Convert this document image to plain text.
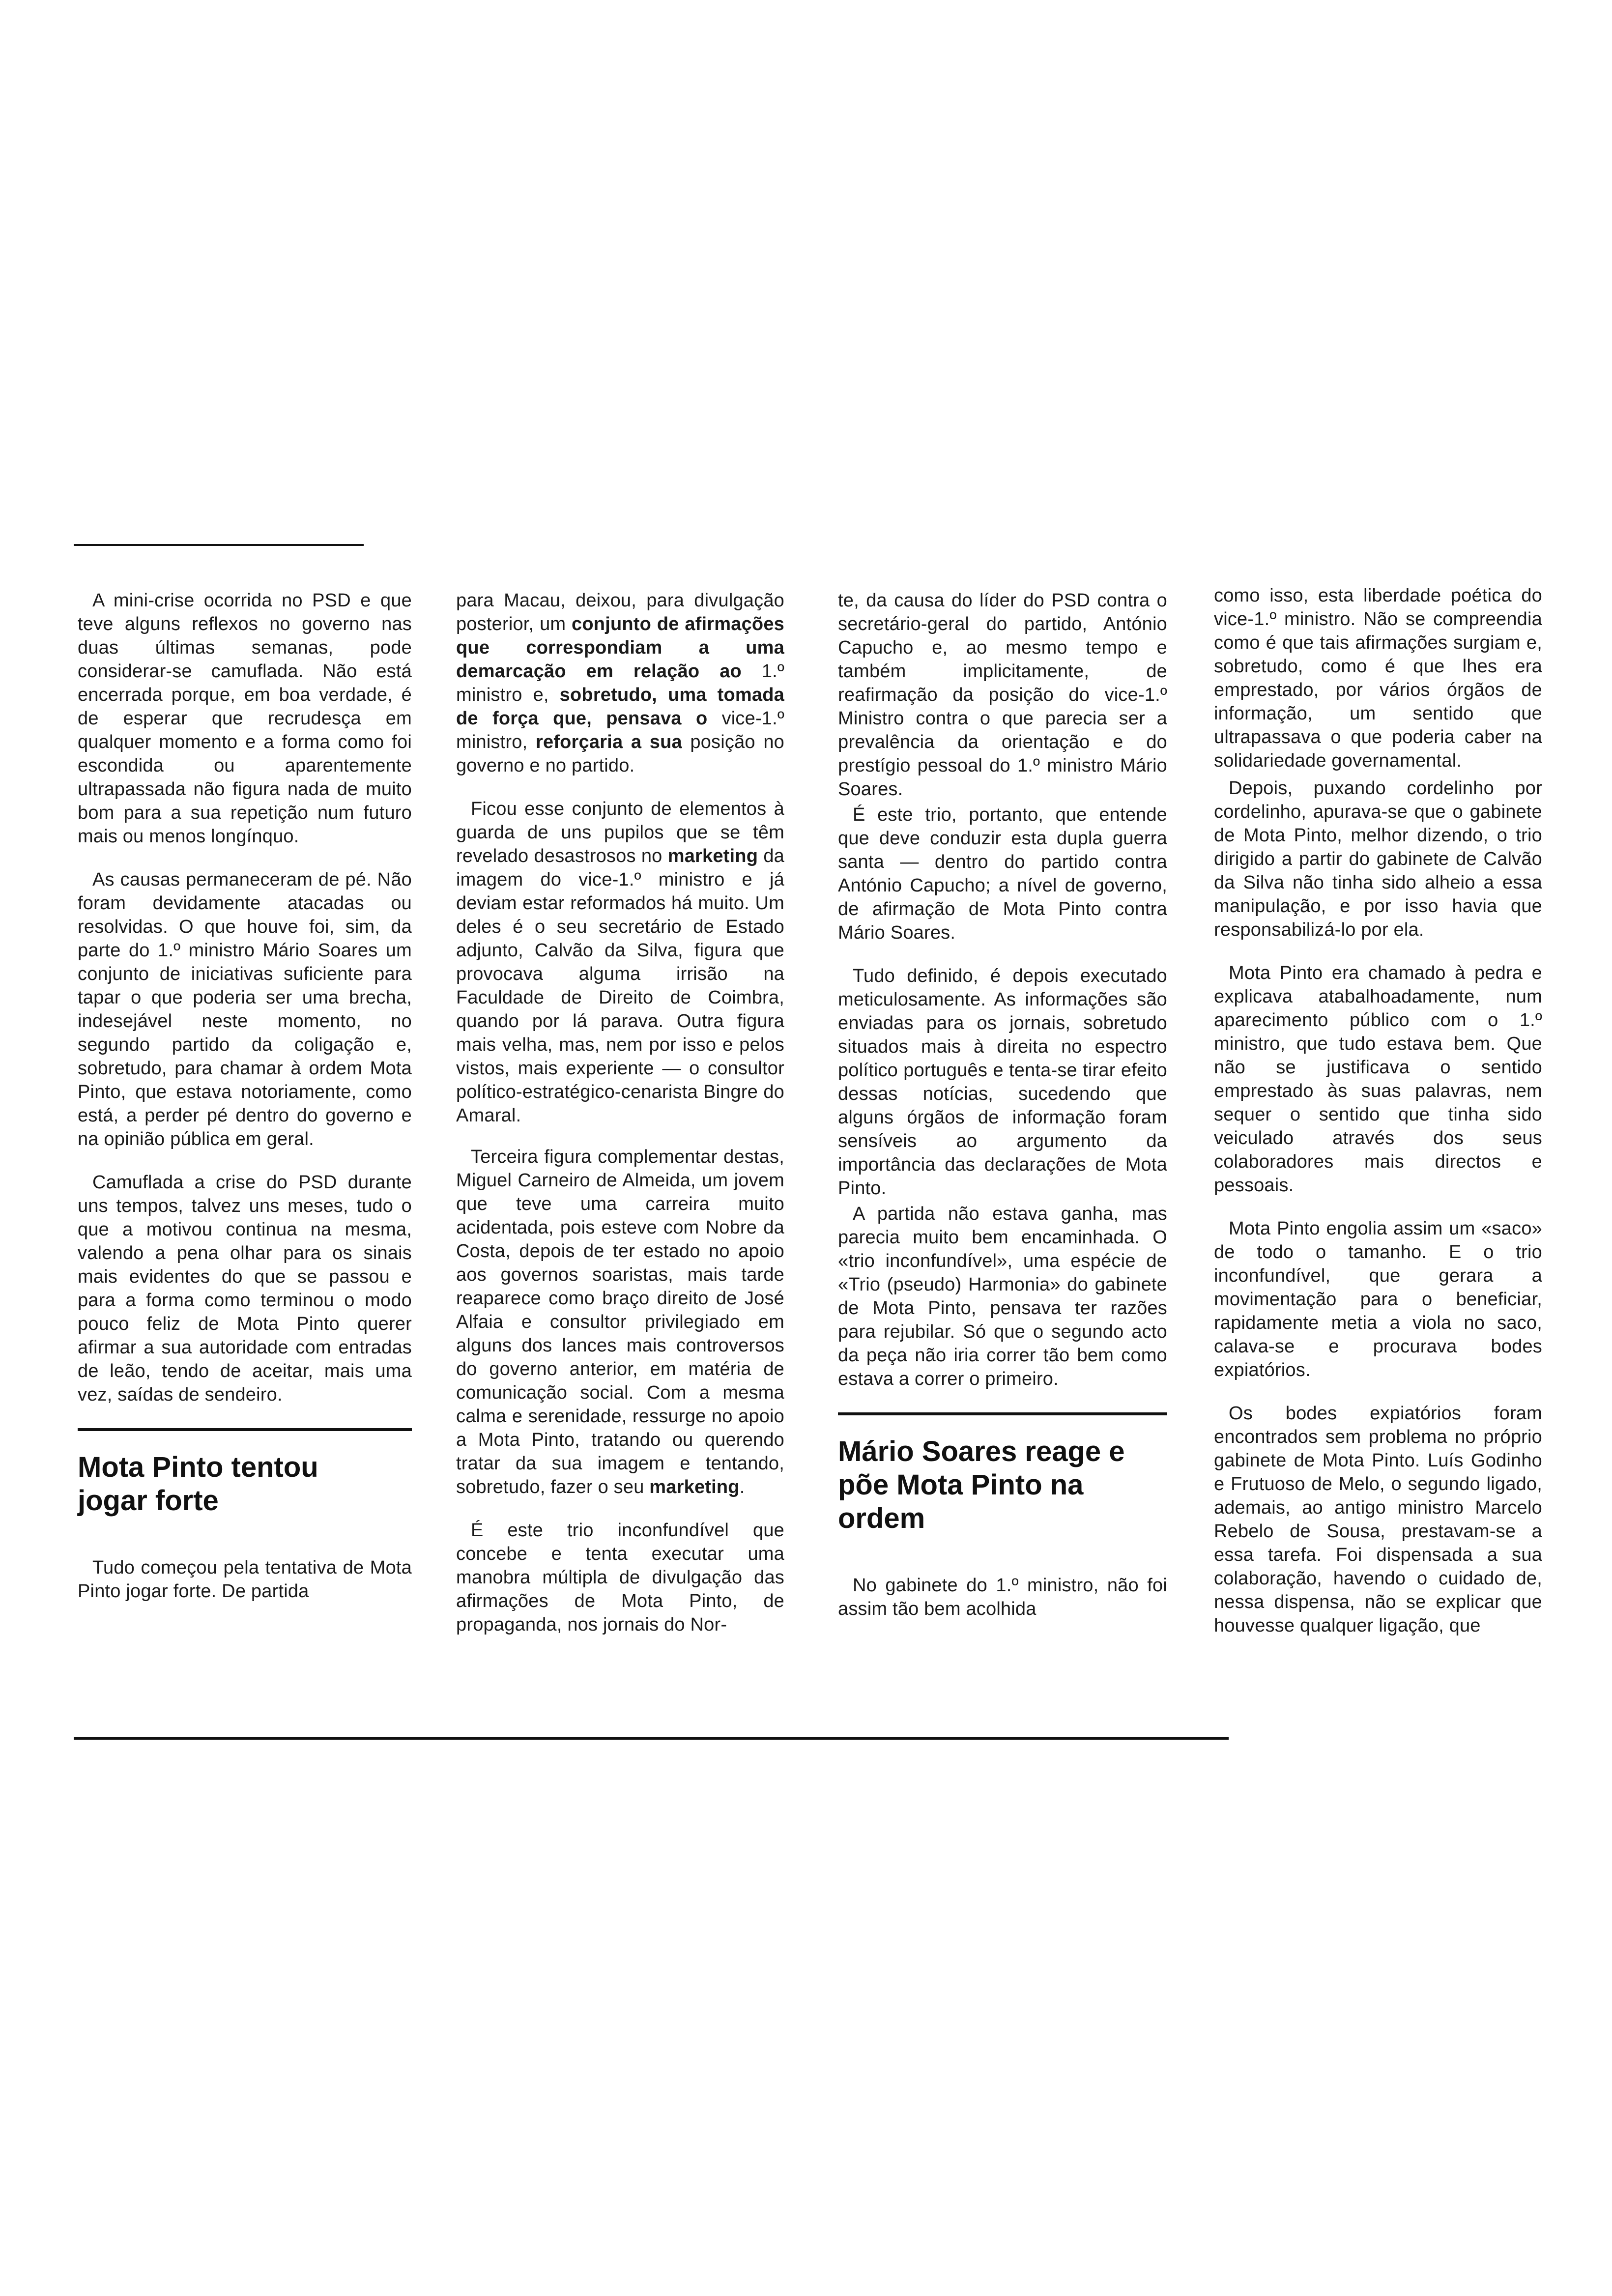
A mini-crise ocorrida no PSD e que teve alguns reflexos no governo nas duas últimas semanas, pode considerar-se camuflada. Não está encerrada porque, em boa verdade, é de esperar que recrudesça em qualquer momento e a forma como foi escondida ou aparentemente ultrapassada não figura nada de muito bom para a sua repetição num futuro mais ou menos longínquo.

As causas permaneceram de pé. Não foram devidamente atacadas ou resolvidas. O que houve foi, sim, da parte do 1.º ministro Mário Soares um conjunto de iniciativas suficiente para tapar o que poderia ser uma brecha, indesejável neste momento, no segundo partido da coligação e, sobretudo, para chamar à ordem Mota Pinto, que estava notoriamente, como está, a perder pé dentro do governo e na opinião pública em geral.

Camuflada a crise do PSD durante uns tempos, talvez uns meses, tudo o que a motivou continua na mesma, valendo a pena olhar para os sinais mais evidentes do que se passou e para a forma como terminou o modo pouco feliz de Mota Pinto querer afirmar a sua autoridade com entradas de leão, tendo de aceitar, mais uma vez, saídas de sendeiro.

Mota Pinto tentou jogar forte

Tudo começou pela tentativa de Mota Pinto jogar forte. De partida

para Macau, deixou, para divulgação posterior, um conjunto de afirmações que correspondiam a uma demarcação em relação ao 1.º ministro e, sobretudo, uma tomada de força que, pensava o vice-1.º ministro, reforçaria a sua posição no governo e no partido.

Ficou esse conjunto de elementos à guarda de uns pupilos que se têm revelado desastrosos no marketing da imagem do vice-1.º ministro e já deviam estar reformados há muito. Um deles é o seu secretário de Estado adjunto, Calvão da Silva, figura que provocava alguma irrisão na Faculdade de Direito de Coimbra, quando por lá parava. Outra figura mais velha, mas, nem por isso e pelos vistos, mais experiente — o consultor político-estratégico-cenarista Bingre do Amaral.

Terceira figura complementar destas, Miguel Carneiro de Almeida, um jovem que teve uma carreira muito acidentada, pois esteve com Nobre da Costa, depois de ter estado no apoio aos governos soaristas, mais tarde reaparece como braço direito de José Alfaia e consultor privilegiado em alguns dos lances mais controversos do governo anterior, em matéria de comunicação social. Com a mesma calma e serenidade, ressurge no apoio a Mota Pinto, tratando ou querendo tratar da sua imagem e tentando, sobretudo, fazer o seu marketing.

É este trio inconfundível que concebe e tenta executar uma manobra múltipla de divulgação das afirmações de Mota Pinto, de propaganda, nos jornais do Nor-

te, da causa do líder do PSD contra o secretário-geral do partido, António Capucho e, ao mesmo tempo e também implicitamente, de reafirmação da posição do vice-1.º Ministro contra o que parecia ser a prevalência da orientação e do prestígio pessoal do 1.º ministro Mário Soares.

É este trio, portanto, que entende que deve conduzir esta dupla guerra santa — dentro do partido contra António Capucho; a nível de governo, de afirmação de Mota Pinto contra Mário Soares.

Tudo definido, é depois executado meticulosamente. As informações são enviadas para os jornais, sobretudo situados mais à direita no espectro político português e tenta-se tirar efeito dessas notícias, sucedendo que alguns órgãos de informação foram sensíveis ao argumento da importância das declarações de Mota Pinto.

A partida não estava ganha, mas parecia muito bem encaminhada. O «trio inconfundível», uma espécie de «Trio (pseudo) Harmonia» do gabinete de Mota Pinto, pensava ter razões para rejubilar. Só que o segundo acto da peça não iria correr tão bem como estava a correr o primeiro.

Mário Soares reage e põe Mota Pinto na ordem

No gabinete do 1.º ministro, não foi assim tão bem acolhida

como isso, esta liberdade poética do vice-1.º ministro. Não se compreendia como é que tais afirmações surgiam e, sobretudo, como é que lhes era emprestado, por vários órgãos de informação, um sentido que ultrapassava o que poderia caber na solidariedade governamental.

Depois, puxando cordelinho por cordelinho, apurava-se que o gabinete de Mota Pinto, melhor dizendo, o trio dirigido a partir do gabinete de Calvão da Silva não tinha sido alheio a essa manipulação, e por isso havia que responsabilizá-lo por ela.

Mota Pinto era chamado à pedra e explicava atabalhoadamente, num aparecimento público com o 1.º ministro, que tudo estava bem. Que não se justificava o sentido emprestado às suas palavras, nem sequer o sentido que tinha sido veiculado através dos seus colaboradores mais directos e pessoais.

Mota Pinto engolia assim um «saco» de todo o tamanho. E o trio inconfundível, que gerara a movimentação para o beneficiar, rapidamente metia a viola no saco, calava-se e procurava bodes expiatórios.

Os bodes expiatórios foram encontrados sem problema no próprio gabinete de Mota Pinto. Luís Godinho e Frutuoso de Melo, o segundo ligado, ademais, ao antigo ministro Marcelo Rebelo de Sousa, prestavam-se a essa tarefa. Foi dispensada a sua colaboração, havendo o cuidado de, nessa dispensa, não se explicar que houvesse qualquer ligação, que
